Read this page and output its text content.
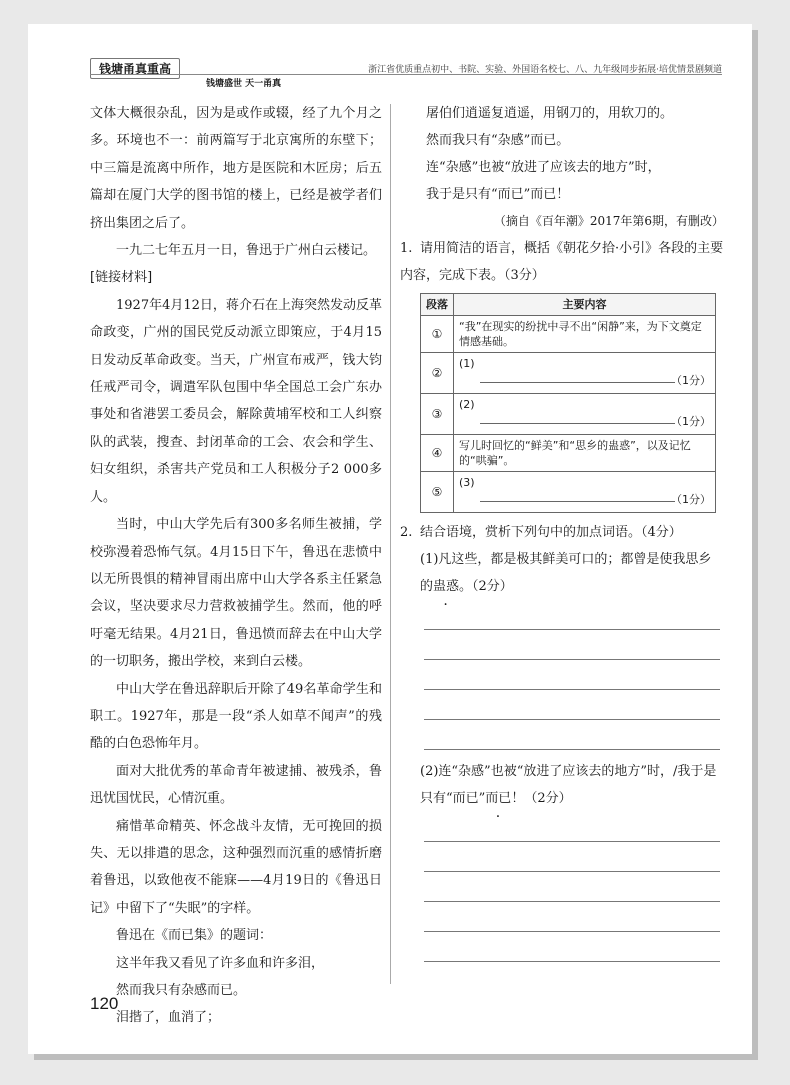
钱塘甬真重高	浙江省优质重点初中、书院、实验、外国语名校七、八、九年级同步拓展·培优情景剧频道
钱塘盛世 天一甬真

文体大概很杂乱，因为是或作或辍，经了九个月之多。环境也不一：前两篇写于北京寓所的东壁下；中三篇是流离中所作，地方是医院和木匠房；后五篇却在厦门大学的图书馆的楼上，已经是被学者们挤出集团之后了。

一九二七年五月一日，鲁迅于广州白云楼记。

[链接材料]

1927年4月12日，蒋介石在上海突然发动反革命政变，广州的国民党反动派立即策应，于4月15日发动反革命政变。当天，广州宣布戒严，钱大钧任戒严司令，调遣军队包围中华全国总工会广东办事处和省港罢工委员会，解除黄埔军校和工人纠察队的武装，搜查、封闭革命的工会、农会和学生、妇女组织，杀害共产党员和工人积极分子2 000多人。

当时，中山大学先后有300多名师生被捕，学校弥漫着恐怖气氛。4月15日下午，鲁迅在悲愤中以无所畏惧的精神冒雨出席中山大学各系主任紧急会议，坚决要求尽力营救被捕学生。然而，他的呼吁毫无结果。4月21日，鲁迅愤而辞去在中山大学的一切职务，搬出学校，来到白云楼。

中山大学在鲁迅辞职后开除了49名革命学生和职工。1927年，那是一段“杀人如草不闻声”的残酷的白色恐怖年月。

面对大批优秀的革命青年被逮捕、被残杀，鲁迅忧国忧民，心情沉重。

痛惜革命精英、怀念战斗友情，无可挽回的损失、无以排遣的思念，这种强烈而沉重的感情折磨着鲁迅，以致他夜不能寐——4月19日的《鲁迅日记》中留下了“失眠”的字样。

鲁迅在《而已集》的题词：

这半年我又看见了许多血和许多泪，

然而我只有杂感而已。

泪揩了，血消了；

屠伯们逍遥复逍遥，用钢刀的，用软刀的。

然而我只有“杂感”而已。

连“杂感”也被“放进了应该去的地方”时，

我于是只有“而已”而已！

（摘自《百年潮》2017年第6期，有删改）

1. 请用简洁的语言，概括《朝花夕拾·小引》各段的主要内容，完成下表。（3分）

段落	主要内容
①	“我”在现实的纷扰中寻不出“闲静”来，为下文奠定情感基础。
②	(1)
（1分）

③	(2)
（1分）

④	写儿时回忆的“鲜美”和“思乡的蛊惑”，以及记忆的“哄骗”。
⑤	(3)
（1分）

2. 结合语境，赏析下列句中的加点词语。（4分）

(1)凡这些，都是极其鲜美可口的；都曾是使我思乡的蛊惑。（2分）

(2)连“杂感”也被“放进了应该去的地方”时，/我于是只有“而已”而已！（2分）

120
